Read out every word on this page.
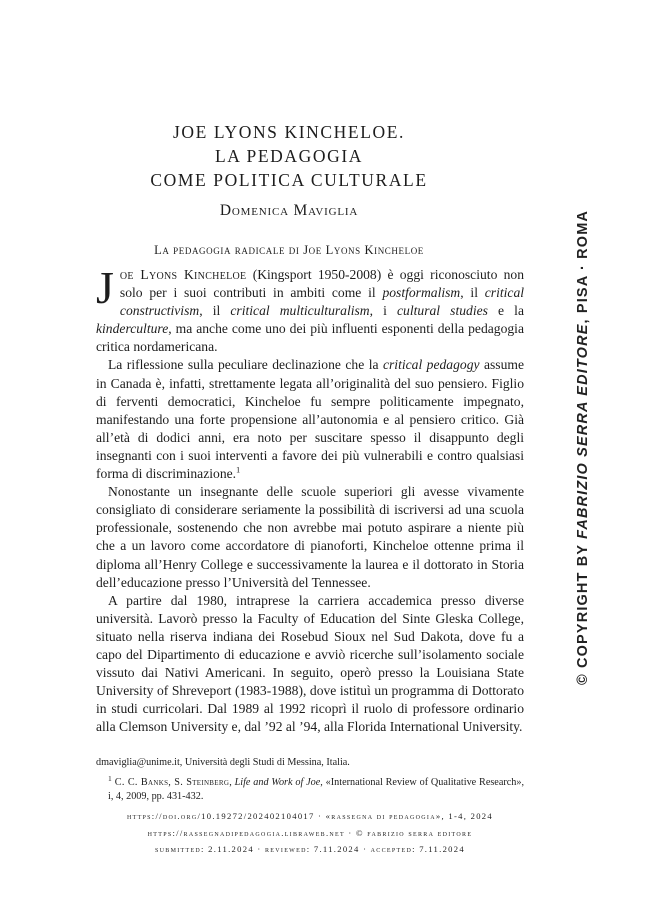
JOE LYONS KINCHELOE.
LA PEDAGOGIA
COME POLITICA CULTURALE
Domenica Maviglia
La pedagogia radicale di Joe Lyons Kincheloe

Joe Lyons Kincheloe (Kingsport 1950-2008) è oggi riconosciuto non solo per i suoi contributi in ambiti come il postformalism, il critical constructivism, il critical multiculturalism, i cultural studies e la kinderculture, ma anche come uno dei più influenti esponenti della pedagogia critica nordamericana.

La riflessione sulla peculiare declinazione che la critical pedagogy assume in Canada è, infatti, strettamente legata all’originalità del suo pensiero. Figlio di ferventi democratici, Kincheloe fu sempre politicamente impegnato, manifestando una forte propensione all’autonomia e al pensiero critico. Già all’età di dodici anni, era noto per suscitare spesso il disappunto degli insegnanti con i suoi interventi a favore dei più vulnerabili e contro qualsiasi forma di discriminazione.$^1$

Nonostante un insegnante delle scuole superiori gli avesse vivamente consigliato di considerare seriamente la possibilità di iscriversi ad una scuola professionale, sostenendo che non avrebbe mai potuto aspirare a niente più che a un lavoro come accordatore di pianoforti, Kincheloe ottenne prima il diploma all’Henry College e successivamente la laurea e il dottorato in Storia dell’educazione presso l’Università del Tennessee.

A partire dal 1980, intraprese la carriera accademica presso diverse università. Lavorò presso la Faculty of Education del Sinte Gleska College, situato nella riserva indiana dei Rosebud Sioux nel Sud Dakota, dove fu a capo del Dipartimento di educazione e avviò ricerche sull’isolamento sociale vissuto dai Nativi Americani. In seguito, operò presso la Louisiana State University of Shreveport (1983-1988), dove istituì un programma di Dottorato in studi curricolari. Dal 1989 al 1992 ricoprì il ruolo di professore ordinario alla Clemson University e, dal ’92 al ’94, alla Florida International University.

dmaviglia@unime.it, Università degli Studi di Messina, Italia.

$^1$ C. C. Banks, S. Steinberg, Life and Work of Joe, «International Review of Qualitative Research», i, 4, 2009, pp. 431-432.

https://doi.org/10.19272/202402104017 · «rassegna di pedagogia», 1-4, 2024
https://rassegnadipedagogia.libraweb.net · © fabrizio serra editore
submitted: 2.11.2024 · reviewed: 7.11.2024 · accepted: 7.11.2024
© COPYRIGHT BY FABRIZIO SERRA EDITORE, PISA · ROMA
